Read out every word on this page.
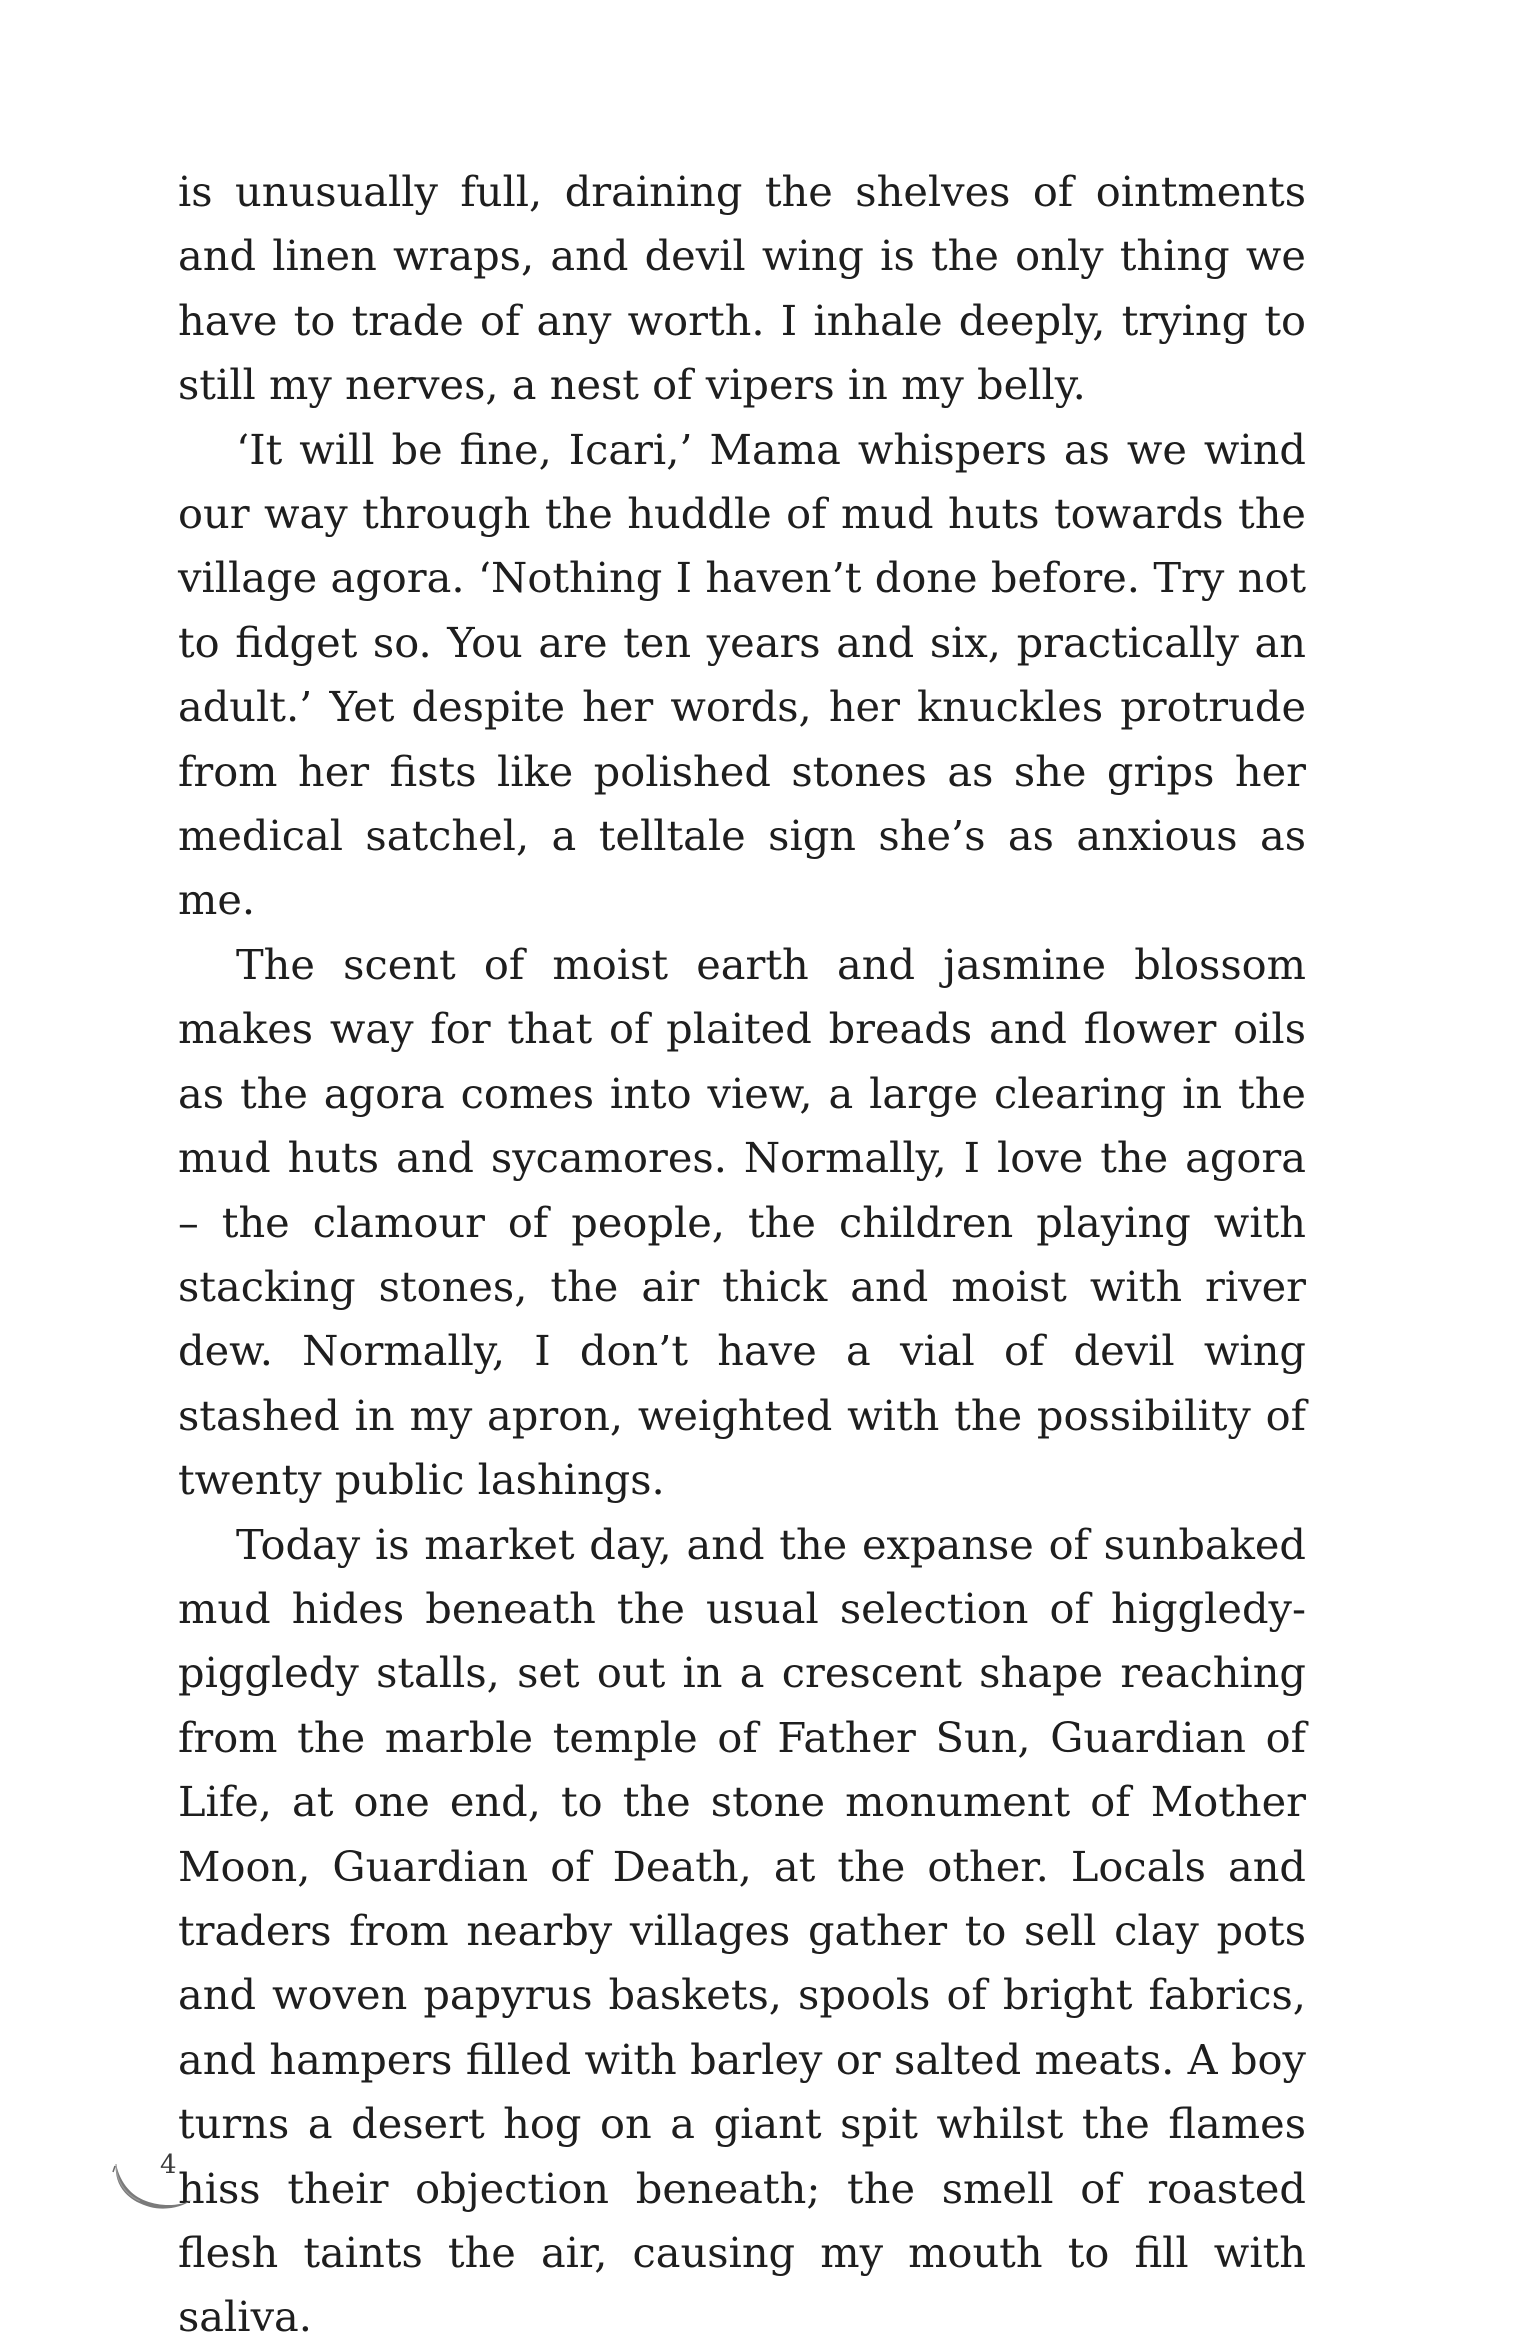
is unusually full, draining the shelves of ointments and linen wraps, and devil wing is the only thing we have to trade of any worth. I inhale deeply, trying to still my nerves, a nest of vipers in my belly.

‘It will be fine, Icari,’ Mama whispers as we wind our way through the huddle of mud huts towards the village agora. ‘Nothing I haven’t done before. Try not to fidget so. You are ten years and six, practically an adult.’ Yet despite her words, her knuckles protrude from her fists like polished stones as she grips her medical satchel, a telltale sign she’s as anxious as me.

The scent of moist earth and jasmine blossom makes way for that of plaited breads and flower oils as the agora comes into view, a large clearing in the mud huts and sycamores. Normally, I love the agora – the clamour of people, the children playing with stacking stones, the air thick and moist with river dew. Normally, I don’t have a vial of devil wing stashed in my apron, weighted with the possibility of twenty public lashings.

Today is market day, and the expanse of sunbaked mud hides beneath the usual selection of higgledy-piggledy stalls, set out in a crescent shape reaching from the marble temple of Father Sun, Guardian of Life, at one end, to the stone monument of Mother Moon, Guardian of Death, at the other. Locals and traders from nearby villages gather to sell clay pots and woven papyrus baskets, spools of bright fabrics, and hampers filled with barley or salted meats. A boy turns a desert hog on a giant spit whilst the flames hiss their objection beneath; the smell of roasted flesh taints the air, causing my mouth to fill with saliva.

4
